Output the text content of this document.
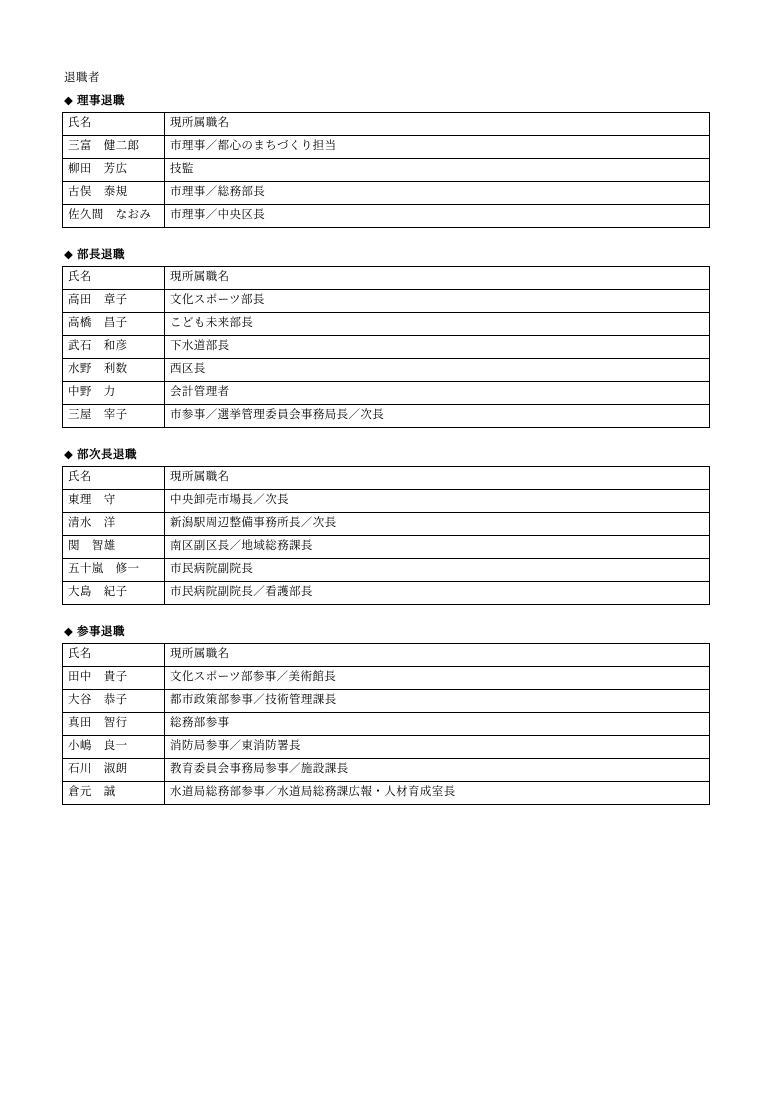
退職者
◆ 理事退職
氏名	現所属職名
三富　健二郎	市理事／都心のまちづくり担当
柳田　芳広	技監
古俣　泰規	市理事／総務部長
佐久間　なおみ	市理事／中央区長
◆ 部長退職
氏名	現所属職名
高田　章子	文化スポーツ部長
高橋　昌子	こども未来部長
武石　和彦	下水道部長
水野　利数	西区長
中野　力	会計管理者
三屋　宰子	市参事／選挙管理委員会事務局長／次長
◆ 部次長退職
氏名	現所属職名
東理　守	中央卸売市場長／次長
清水　洋	新潟駅周辺整備事務所長／次長
関　智雄	南区副区長／地域総務課長
五十嵐　修一	市民病院副院長
大島　紀子	市民病院副院長／看護部長
◆ 参事退職
氏名	現所属職名
田中　貴子	文化スポーツ部参事／美術館長
大谷　恭子	都市政策部参事／技術管理課長
真田　智行	総務部参事
小嶋　良一	消防局参事／東消防署長
石川　淑朗	教育委員会事務局参事／施設課長
倉元　誠	水道局総務部参事／水道局総務課広報・人材育成室長
